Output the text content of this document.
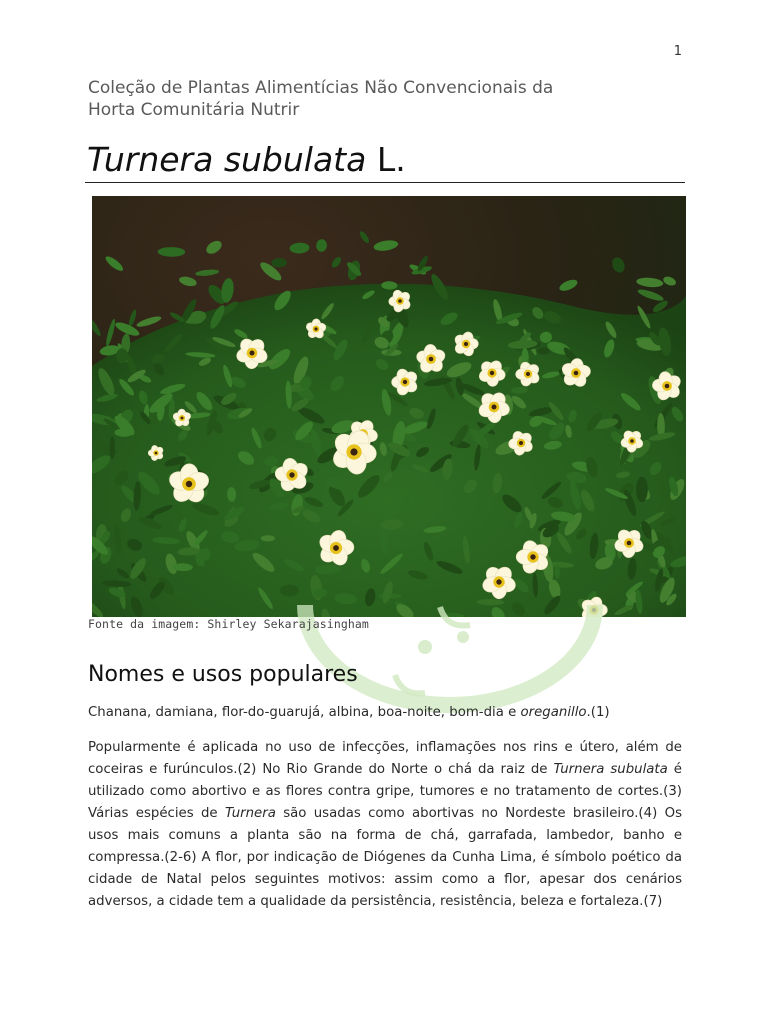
1
Coleção de Plantas Alimentícias Não Convencionais da
Horta Comunitária Nutrir
Turnera subulata L.
Fonte da imagem: Shirley Sekarajasingham
Nomes e usos populares

Chanana, damiana, flor-do-guarujá, albina, boa-noite, bom-dia e oreganillo.(1)

Popularmente é aplicada no uso de infecções, inflamações nos rins e útero, além de coceiras e furúnculos.(2) No Rio Grande do Norte o chá da raiz de Turnera subulata é utilizado como abortivo e as flores contra gripe, tumores e no tratamento de cortes.(3) Várias espécies de Turnera são usadas como abortivas no Nordeste brasileiro.(4) Os usos mais comuns a planta são na forma de chá, garrafada, lambedor, banho e compressa.(2-6) A flor, por indicação de Diógenes da Cunha Lima, é símbolo poético da cidade de Natal pelos seguintes motivos: assim como a flor, apesar dos cenários adversos, a cidade tem a qualidade da persistência, resistência, beleza e fortaleza.(7)
